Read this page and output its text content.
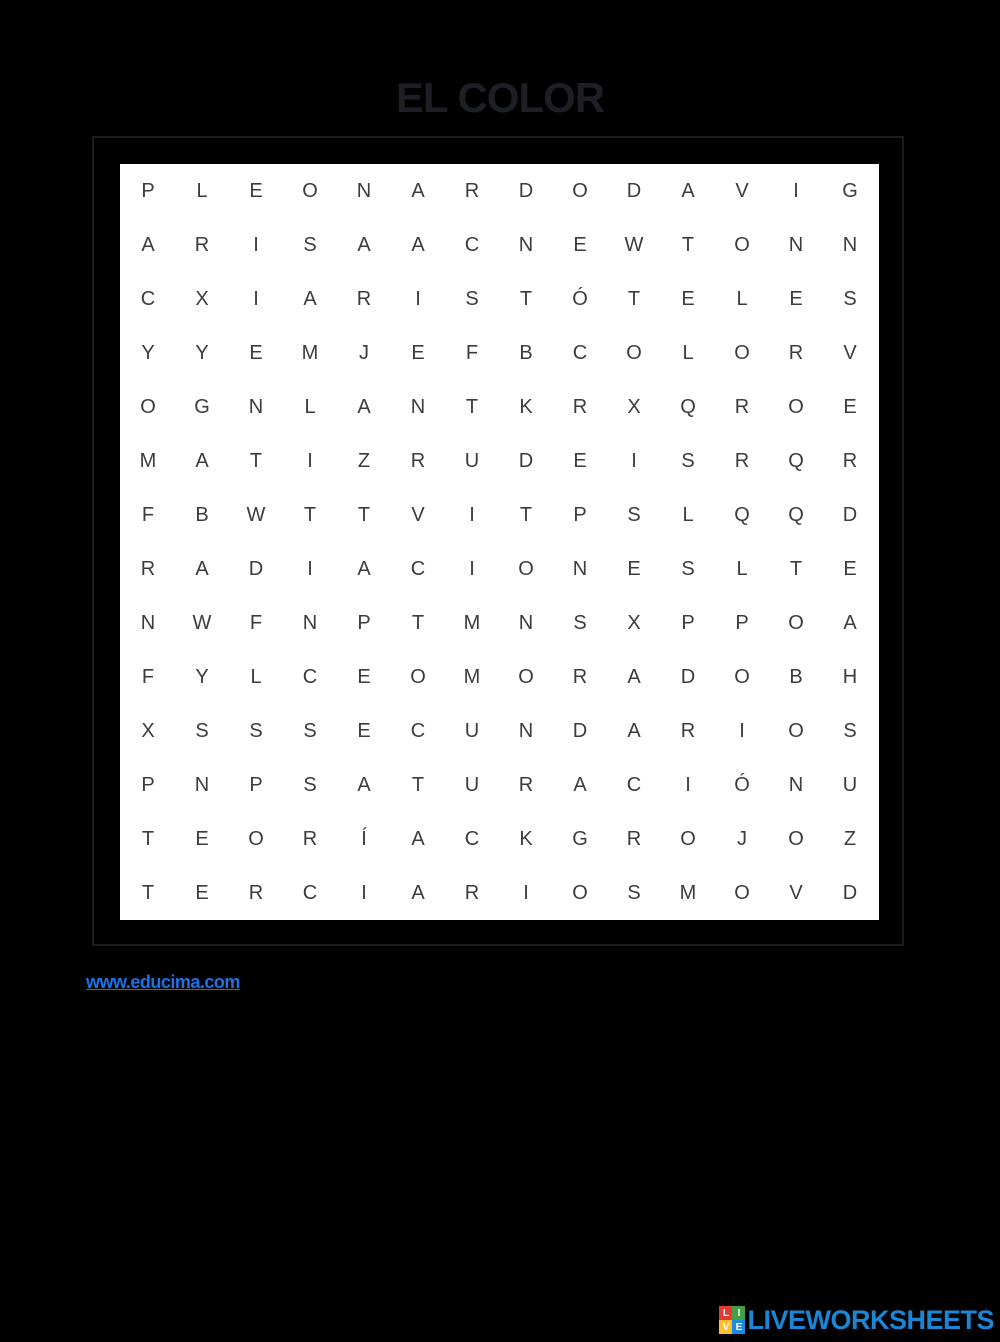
EL COLOR
P	L	E	O	N	A	R	D	O	D	A	V	I	G
A	R	I	S	A	A	C	N	E	W	T	O	N	N
C	X	I	A	R	I	S	T	Ó	T	E	L	E	S
Y	Y	E	M	J	E	F	B	C	O	L	O	R	V
O	G	N	L	A	N	T	K	R	X	Q	R	O	E
M	A	T	I	Z	R	U	D	E	I	S	R	Q	R
F	B	W	T	T	V	I	T	P	S	L	Q	Q	D
R	A	D	I	A	C	I	O	N	E	S	L	T	E
N	W	F	N	P	T	M	N	S	X	P	P	O	A
F	Y	L	C	E	O	M	O	R	A	D	O	B	H
X	S	S	S	E	C	U	N	D	A	R	I	O	S
P	N	P	S	A	T	U	R	A	C	I	Ó	N	U
T	E	O	R	Í	A	C	K	G	R	O	J	O	Z
T	E	R	C	I	A	R	I	O	S	M	O	V	D
www.educima.com
L I
V E LIVEWORKSHEETS
